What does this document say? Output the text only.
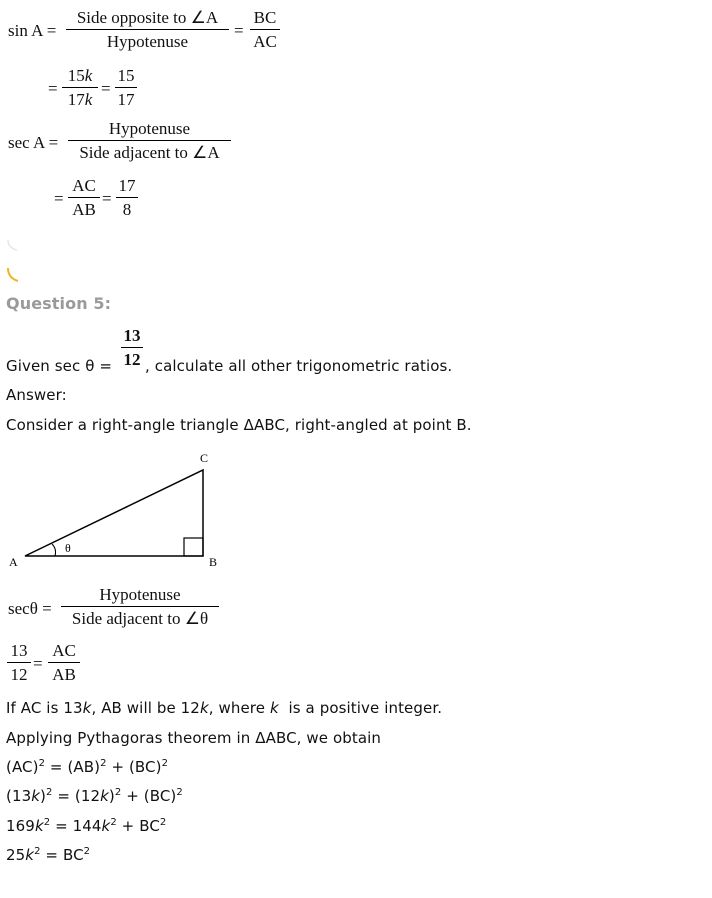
sin A =
Side opposite to ∠A
Hypotenuse
= $\frac{BC}{AC}$
= $\frac{15k}{17k} = \frac{15}{17}$
sec A =
Hypotenuse
Side adjacent to ∠A
= $\frac{AC}{AB} = \frac{17}{8}$
Question 5:
Given $\sec \theta = \frac{13}{12}$ , calculate all other trigonometric ratios.
Answer:
Consider a right-angle triangle ΔABC, right-angled at point B.
A	B
C
θ
secθ =
Hypotenuse
Side adjacent to ∠θ
$\frac{13}{12} = \frac{AC}{AB}$
If AC is 13k, AB will be 12k, where k is a positive integer.
Applying Pythagoras theorem in ΔABC, we obtain
(AC)$^2$ = (AB)$^2$ + (BC)$^2$
$(13k)^2 = (12k)^2 + (BC)^2$
$169k^2 = 144k^2 + BC^2$
$25k^2 = BC^2$
